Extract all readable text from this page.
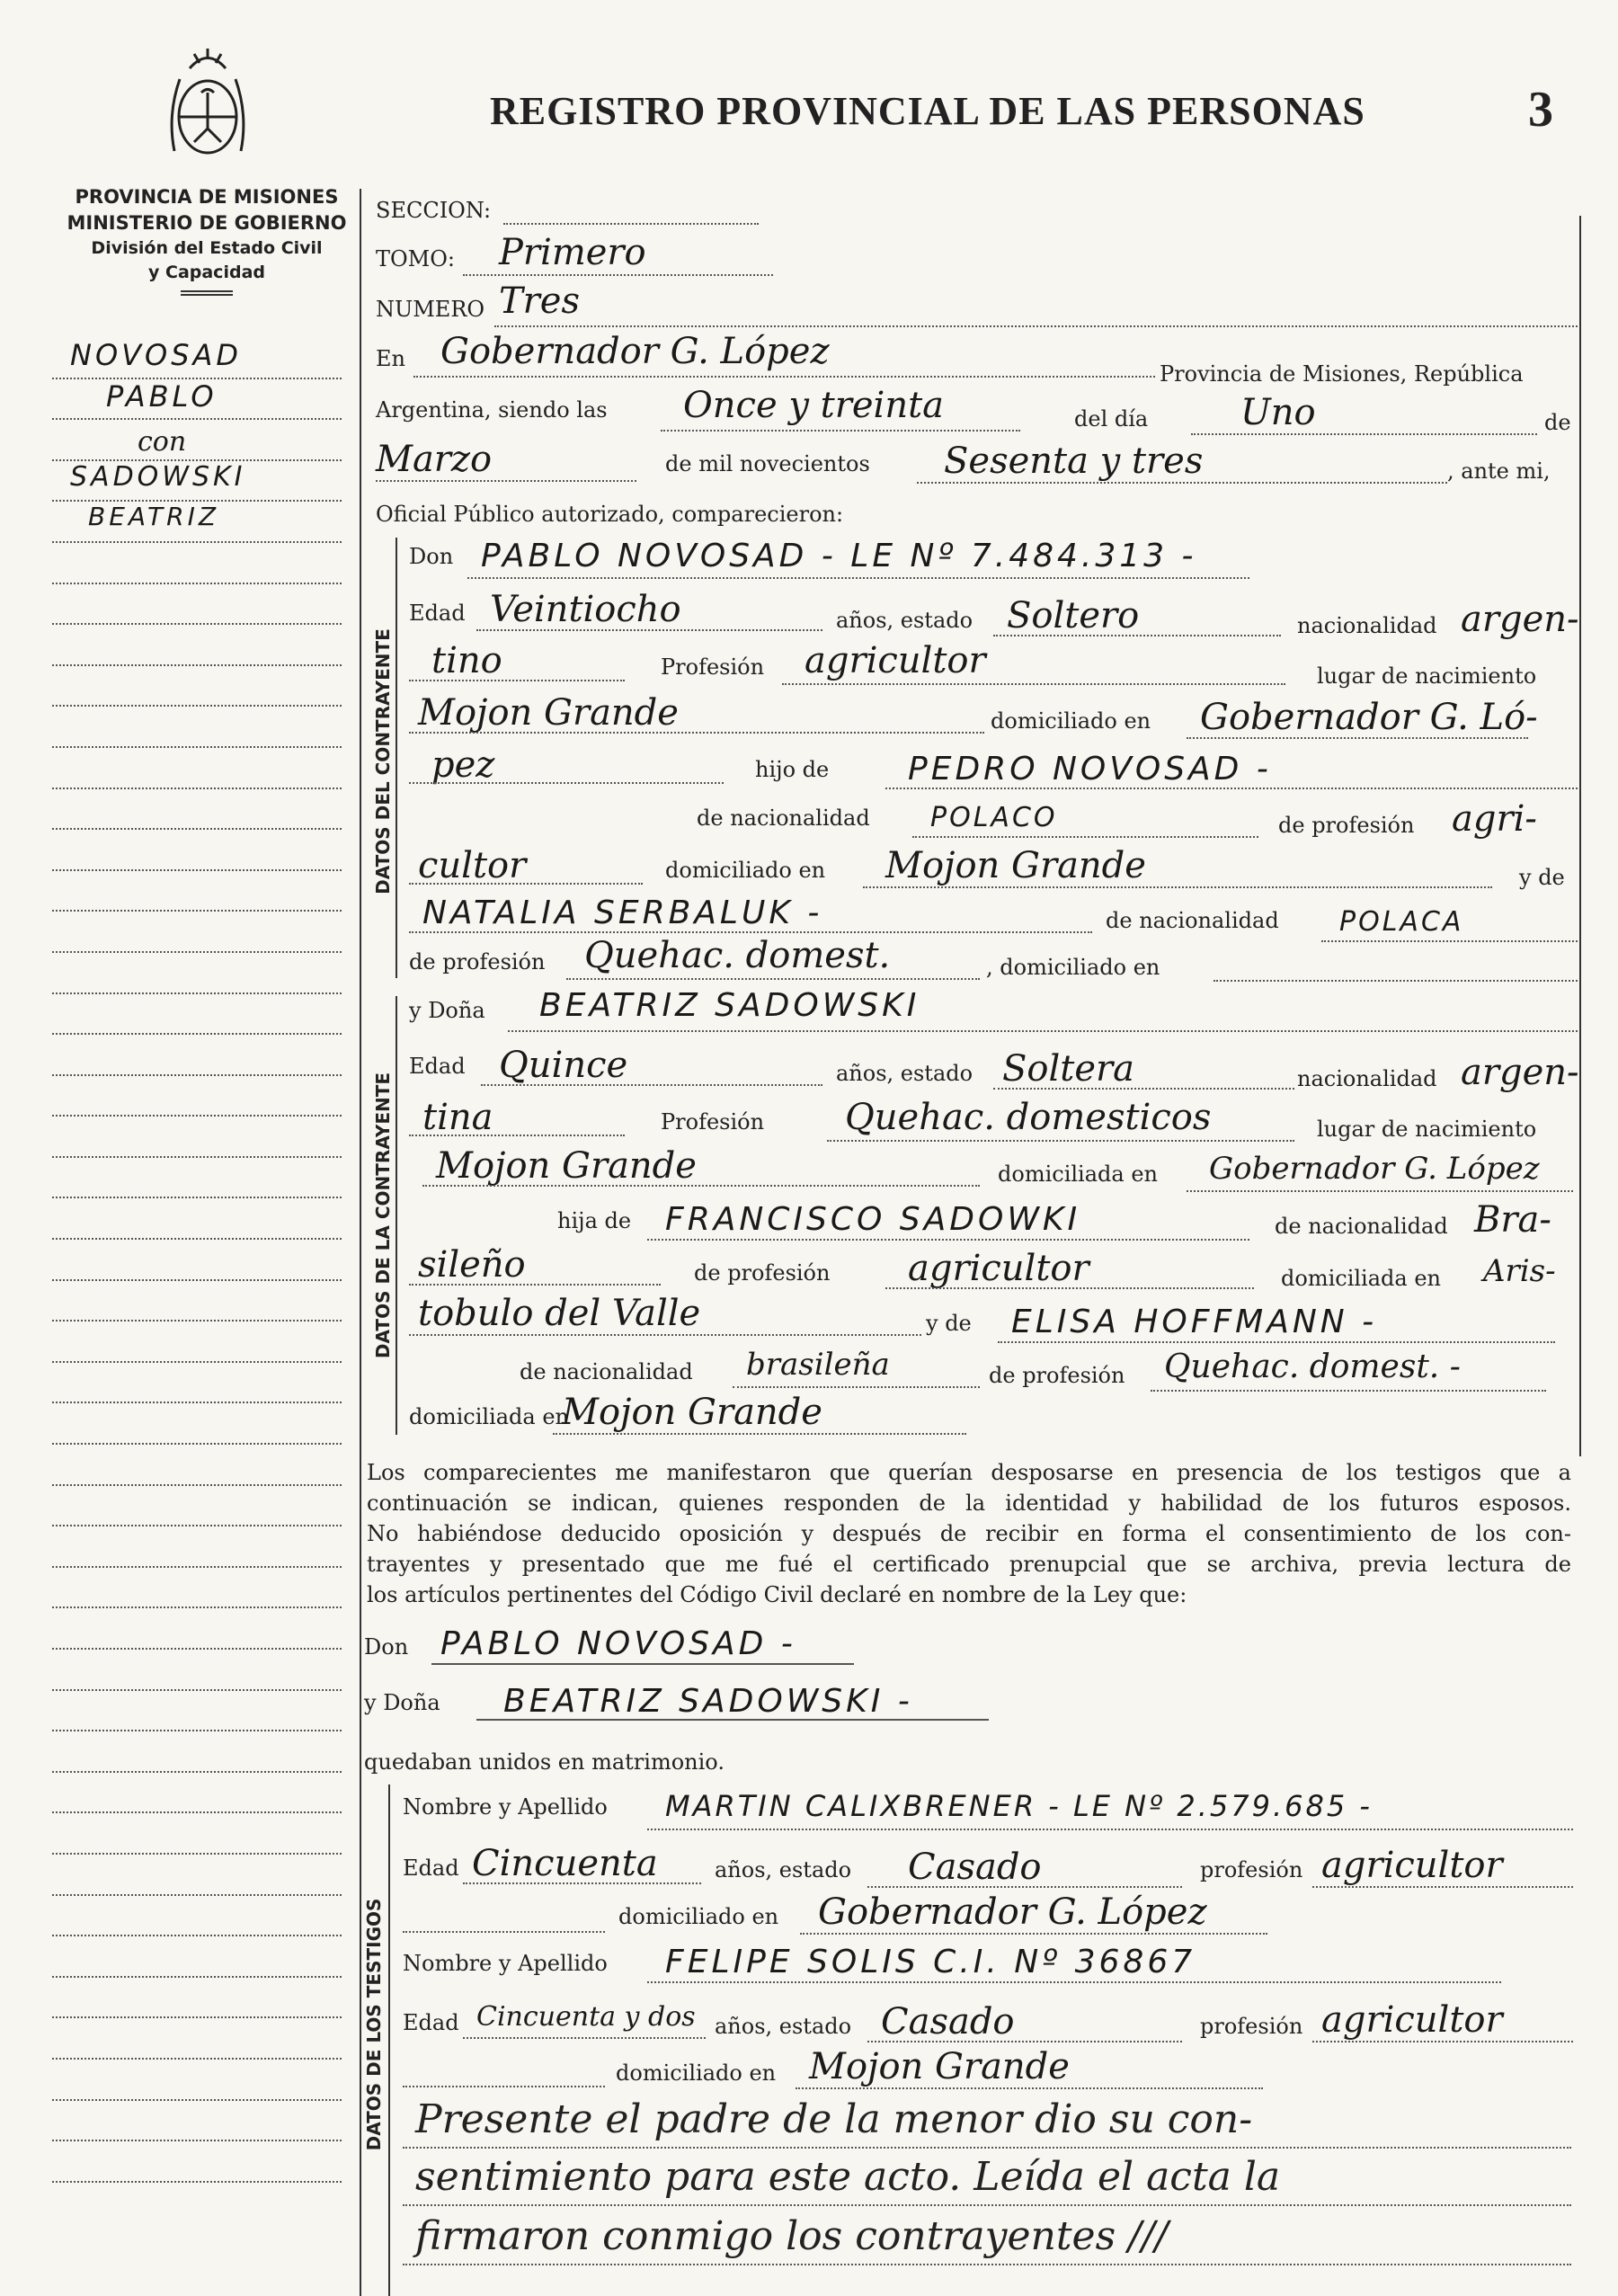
REGISTRO PROVINCIAL DE LAS PERSONAS	3
PROVINCIA DE MISIONES
MINISTERIO DE GOBIERNO
División del Estado Civil
y Capacidad
NOVOSAD
PABLO
con
SADOWSKI
BEATRIZ
DATOS DEL CONTRAYENTE
DATOS DE LA CONTRAYENTE
DATOS DE LOS TESTIGOS
SECCION:
TOMO: Primero
NUMERO Tres
En Gobernador G. López
Provincia de Misiones, República
Argentina, siendo las Once y treinta	del día	Uno	de
Marzo	de mil novecientos Sesenta y tres	, ante mi,
Oficial Público autorizado, comparecieron:
Don PABLO NOVOSAD - LE Nº 7.484.313 -
Edad Veintiocho	años, estado Soltero	nacionalidad argen-
tino	Profesión agricultor	lugar de nacimiento
Mojon Grande	domiciliado en Gobernador G. Ló-
pez	hijo de PEDRO NOVOSAD -
de nacionalidad POLACO	de profesión agri-
cultor	domiciliado en Mojon Grande	y de
NATALIA SERBALUK -	de nacionalidad POLACA
de profesión Quehac. domest.	, domiciliado en
y Doña BEATRIZ SADOWSKI
Edad Quince	años, estado Soltera	nacionalidad argen-
tina	Profesión Quehac. domesticos	lugar de nacimiento
Mojon Grande	domiciliada en Gobernador G. López
hija de FRANCISCO SADOWKI	de nacionalidad Bra-
sileño	de profesión agricultor	domiciliada en Aris-
tobulo del Valle	y de ELISA HOFFMANN -
de nacionalidad brasileña	de profesión Quehac. domest. -
domiciliada en
Mojon Grande
Los comparecientes me manifestaron que querían desposarse en presencia de los testigos que a
continuación se indican, quienes responden de la identidad y habilidad de los futuros esposos.
No habiéndose deducido oposición y después de recibir en forma el consentimiento de los con-
trayentes y presentado que me fué el certificado prenupcial que se archiva, previa lectura de
los artículos pertinentes del Código Civil declaré en nombre de la Ley que:
Don PABLO NOVOSAD -
y Doña BEATRIZ SADOWSKI -
quedaban unidos en matrimonio.
Nombre y Apellido MARTIN CALIXBRENER - LE Nº 2.579.685 -
Edad Cincuenta	años, estado Casado	profesión agricultor
domiciliado en Gobernador G. López
Nombre y Apellido FELIPE SOLIS C.I. Nº 36867
Edad Cincuenta y dos años, estado Casado	profesión agricultor
domiciliado en Mojon Grande
Presente el padre de la menor dio su con-
sentimiento para este acto. Leída el acta la
firmaron conmigo los contrayentes ///
